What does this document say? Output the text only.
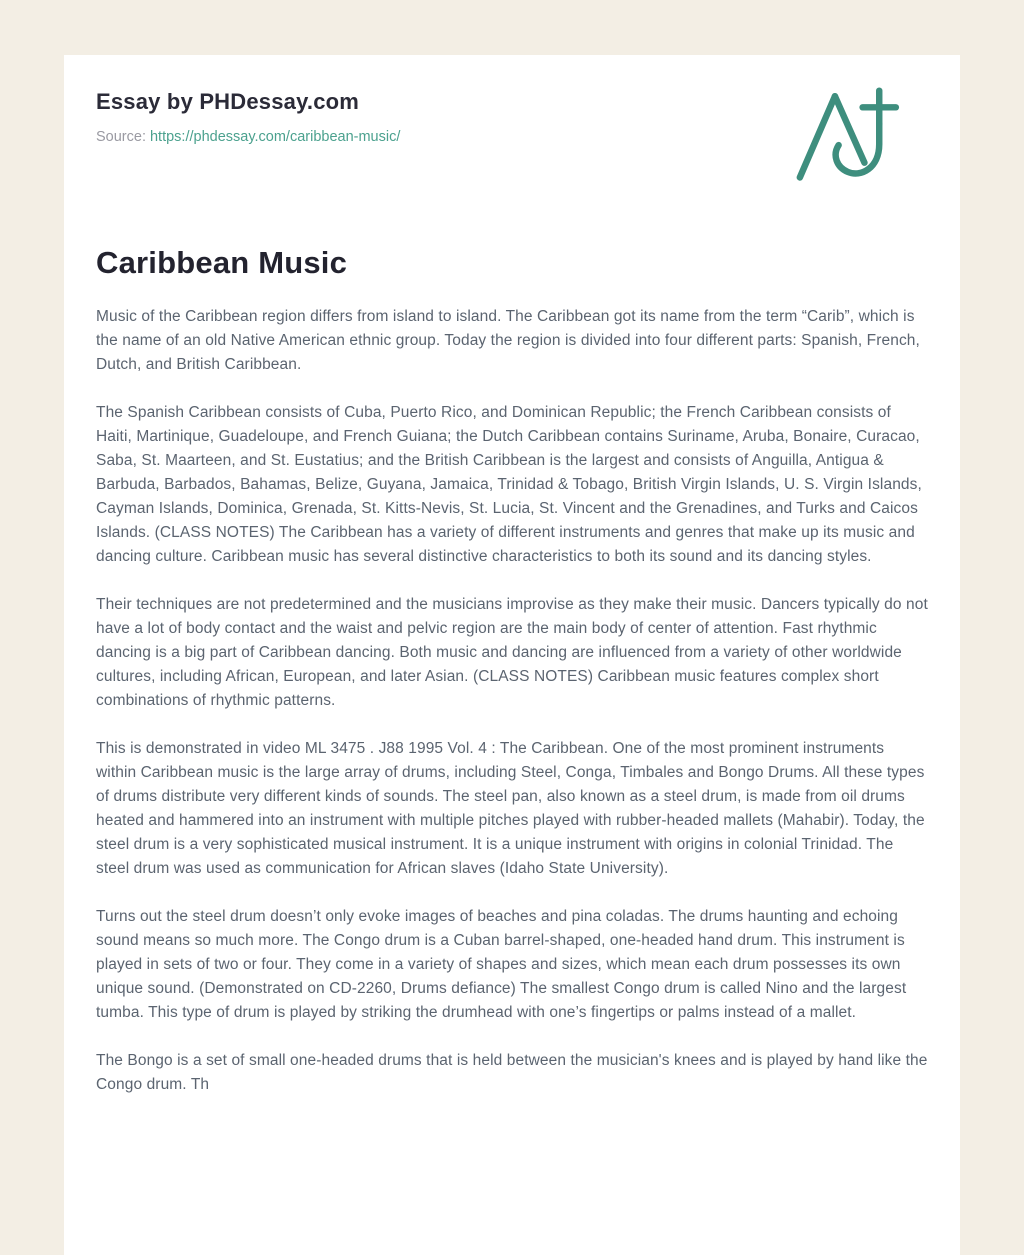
Essay by PHDessay.com
Source: https://phdessay.com/caribbean-music/
Caribbean Music

Music of the Caribbean region differs from island to island. The Caribbean got its name from the term “Carib”, which is the name of an old Native American ethnic group. Today the region is divided into four different parts: Spanish, French, Dutch, and British Caribbean.

The Spanish Caribbean consists of Cuba, Puerto Rico, and Dominican Republic; the French Caribbean consists of Haiti, Martinique, Guadeloupe, and French Guiana; the Dutch Caribbean contains Suriname, Aruba, Bonaire, Curacao, Saba, St. Maarteen, and St. Eustatius; and the British Caribbean is the largest and consists of Anguilla, Antigua & Barbuda, Barbados, Bahamas, Belize, Guyana, Jamaica, Trinidad & Tobago, British Virgin Islands, U. S. Virgin Islands, Cayman Islands, Dominica, Grenada, St. Kitts-Nevis, St. Lucia, St. Vincent and the Grenadines, and Turks and Caicos Islands. (CLASS NOTES) The Caribbean has a variety of different instruments and genres that make up its music and dancing culture. Caribbean music has several distinctive characteristics to both its sound and its dancing styles.

Their techniques are not predetermined and the musicians improvise as they make their music. Dancers typically do not have a lot of body contact and the waist and pelvic region are the main body of center of attention. Fast rhythmic dancing is a big part of Caribbean dancing. Both music and dancing are influenced from a variety of other worldwide cultures, including African, European, and later Asian. (CLASS NOTES) Caribbean music features complex short combinations of rhythmic patterns.

This is demonstrated in video ML 3475 . J88 1995 Vol. 4 : The Caribbean. One of the most prominent instruments within Caribbean music is the large array of drums, including Steel, Conga, Timbales and Bongo Drums. All these types of drums distribute very different kinds of sounds. The steel pan, also known as a steel drum, is made from oil drums heated and hammered into an instrument with multiple pitches played with rubber-headed mallets (Mahabir). Today, the steel drum is a very sophisticated musical instrument. It is a unique instrument with origins in colonial Trinidad. The steel drum was used as communication for African slaves (Idaho State University).

Turns out the steel drum doesn’t only evoke images of beaches and pina coladas. The drums haunting and echoing sound means so much more. The Congo drum is a Cuban barrel-shaped, one-headed hand drum. This instrument is played in sets of two or four. They come in a variety of shapes and sizes, which mean each drum possesses its own unique sound. (Demonstrated on CD-2260, Drums defiance) The smallest Congo drum is called Nino and the largest tumba. This type of drum is played by striking the drumhead with one’s fingertips or palms instead of a mallet.

The Bongo is a set of small one-headed drums that is held between the musician's knees and is played by hand like the Congo drum. Th
